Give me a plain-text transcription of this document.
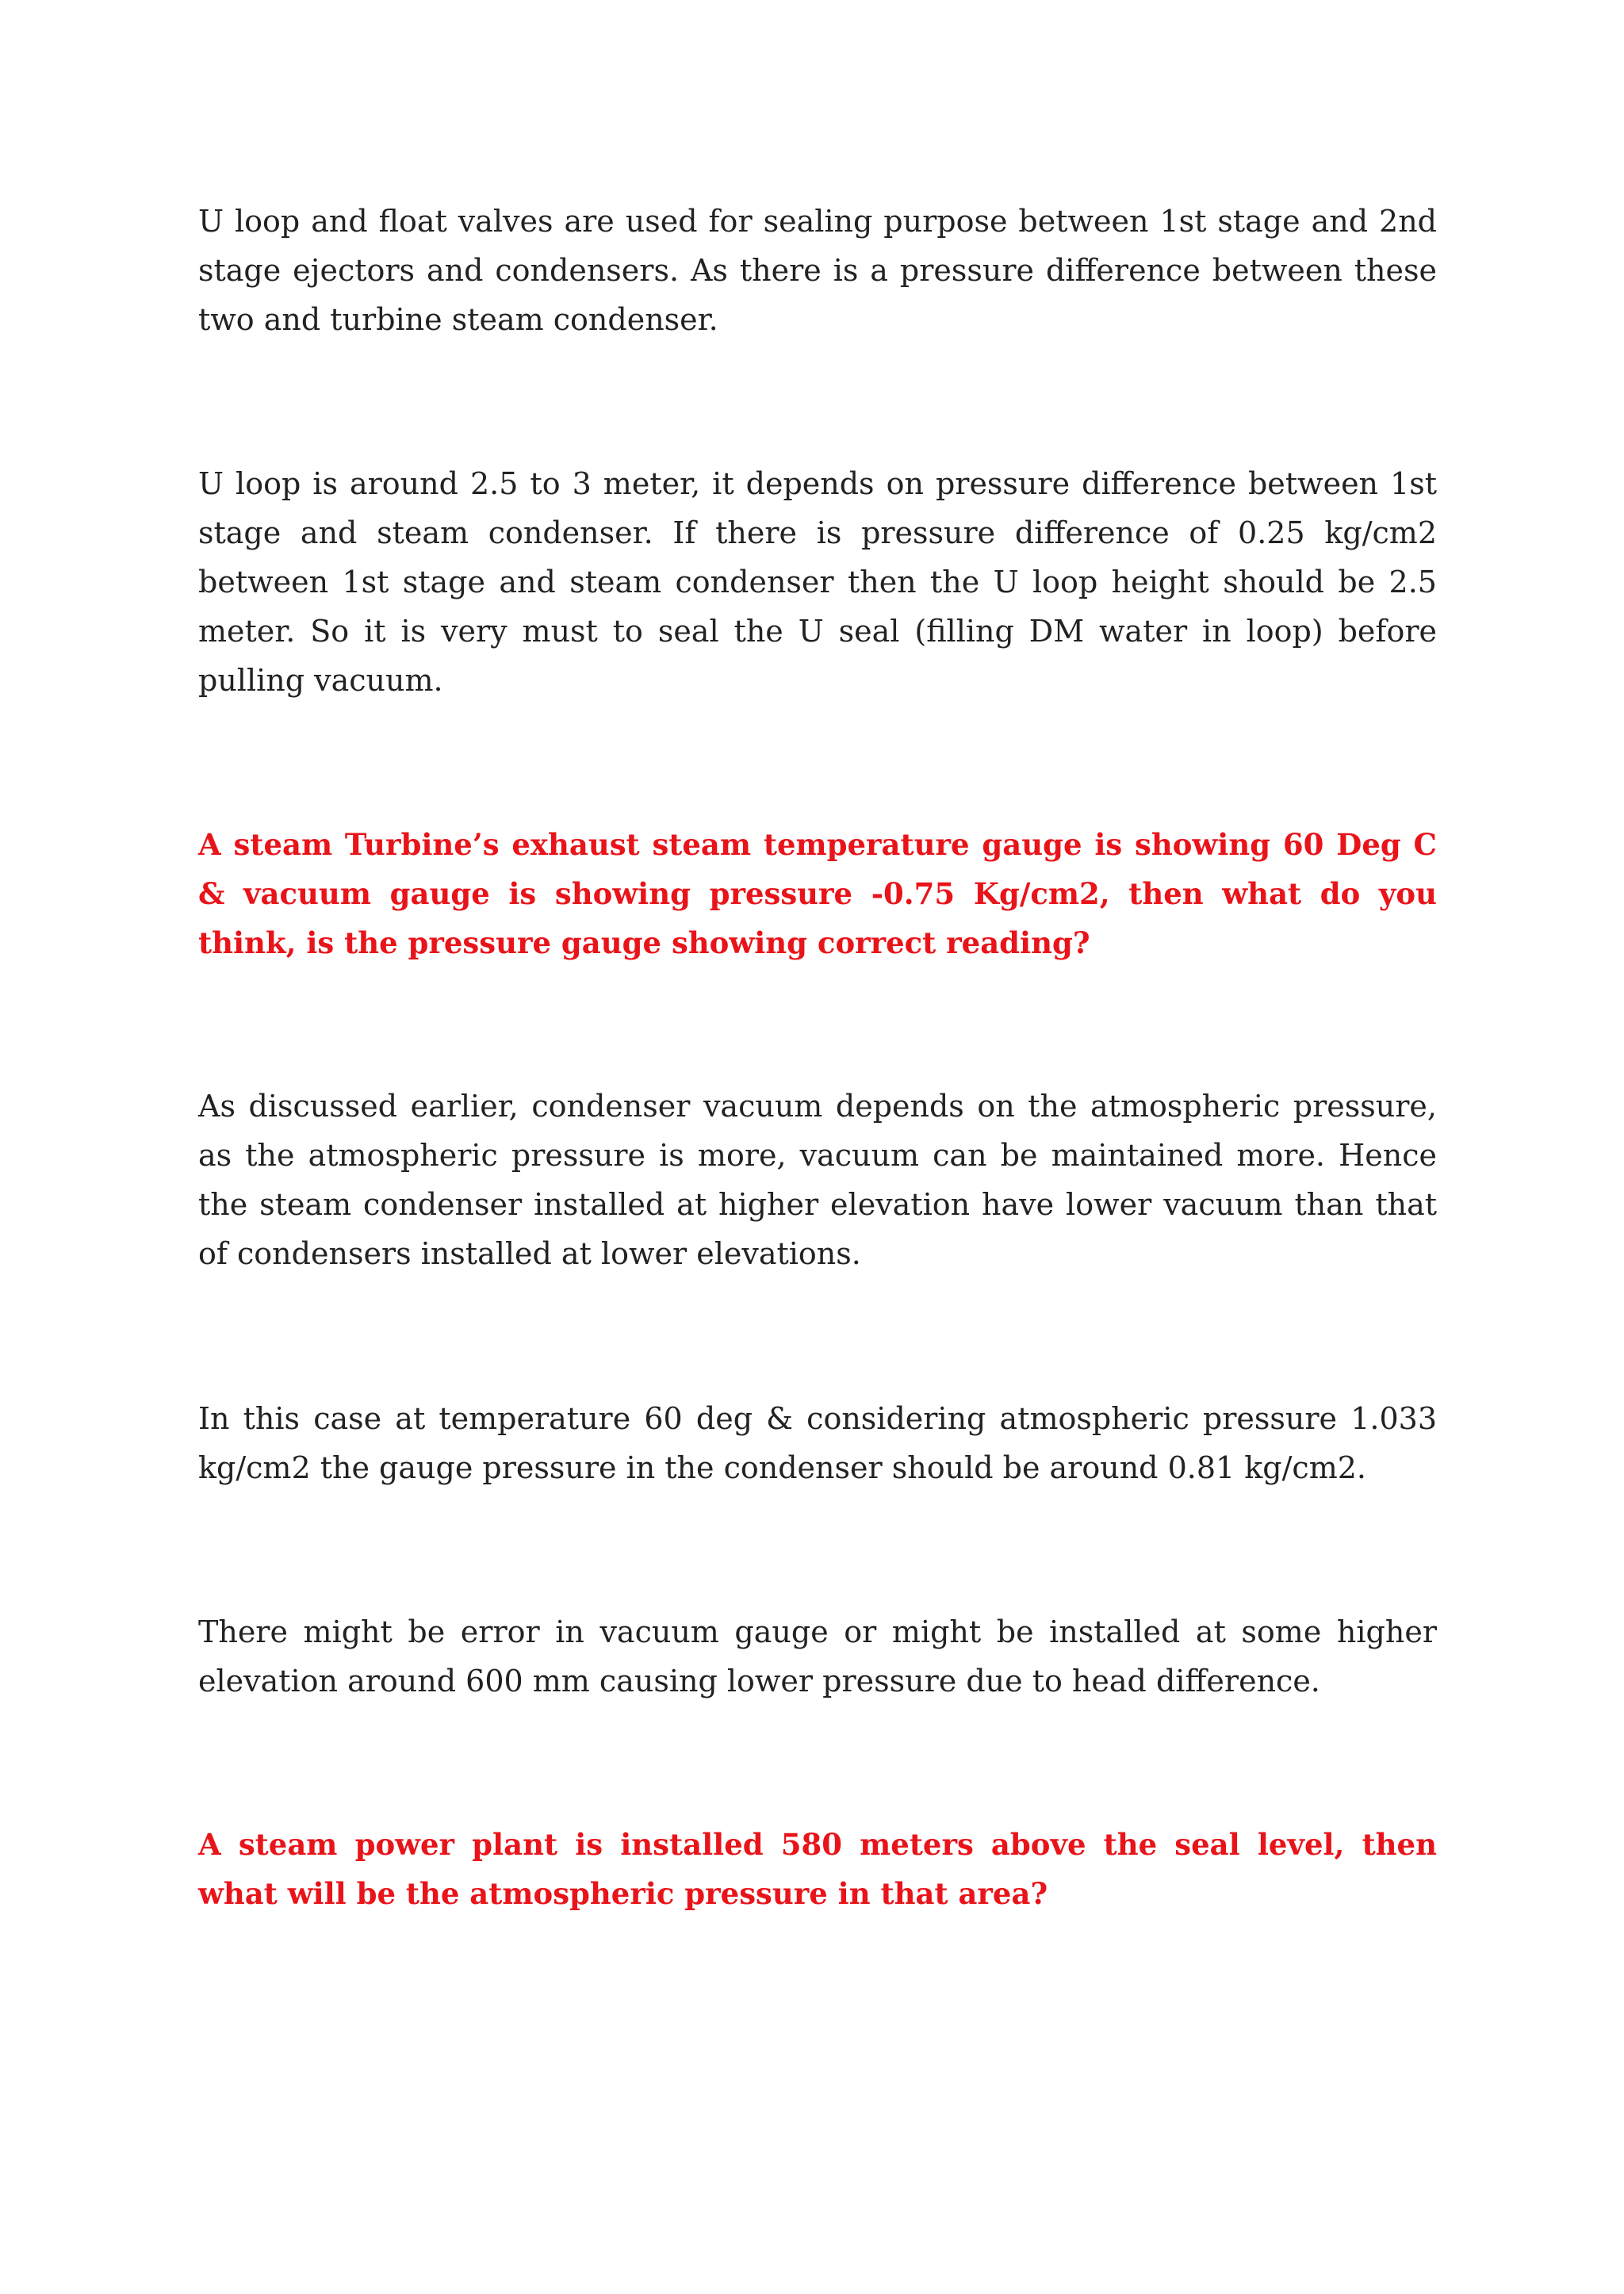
U loop and float valves are used for sealing purpose between 1st stage and 2nd stage ejectors and condensers. As there is a pressure difference between these two and turbine steam condenser.

U loop is around 2.5 to 3 meter, it depends on pressure difference between 1st stage and steam condenser. If there is pressure difference of 0.25 kg/cm2 between 1st stage and steam condenser then the U loop height should be 2.5 meter. So it is very must to seal the U seal (filling DM water in loop) before pulling vacuum.

A steam Turbine’s exhaust steam temperature gauge is showing 60 Deg C & vacuum gauge is showing pressure -0.75 Kg/cm2, then what do you think, is the pressure gauge showing correct reading?

As discussed earlier, condenser vacuum depends on the atmospheric pressure, as the atmospheric pressure is more, vacuum can be maintained more. Hence the steam condenser installed at higher elevation have lower vacuum than that of condensers installed at lower elevations.

In this case at temperature 60 deg & considering atmospheric pressure 1.033 kg/cm2 the gauge pressure in the condenser should be around 0.81 kg/cm2.

There might be error in vacuum gauge or might be installed at some higher elevation around 600 mm causing lower pressure due to head difference.

A steam power plant is installed 580 meters above the seal level, then what will be the atmospheric pressure in that area?
